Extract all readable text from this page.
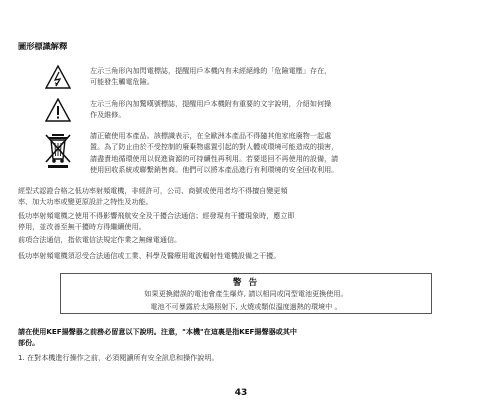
圖形標識解釋
左示三角形內加閃電標誌，提醒用戶本機內有未經絕緣的「危險電壓」存在，
可能發生觸電危險。
左示三角形內加驚嘆號標誌，提醒用戶本機附有重要的文字說明，介紹如何操
作及維修。
請正確使用本產品。該標識表示，在全歐洲本產品不得隨其他家庭廢物一起處
置。為了防止由於不受控制的廢棄物處置引起的對人體或環境可能造成的損害，
請盡責地循環使用以促進資源的可持續性再利用。若要退回不再使用的設備，請
使用回收系統或聯繫銷售商。他們可以將本產品進行有利環境的安全回收利用。
經型式認證合格之低功率射頻電機，非經許可，公司、商號或使用者均不得擅自變更頻
率、加大功率或變更原設計之特性及功能。
低功率射頻電機之使用不得影響飛航安全及干擾合法通信；經發現有干擾現象時，應立即
停用，並改善至無干擾時方得繼續使用。
前項合法通信，指依電信法規定作業之無線電通信。
低功率射頻電機須忍受合法通信或工業、科學及醫療用電波輻射性電機設備之干擾。
警 告
如果更換錯誤的電池會產生爆炸, 請以相同或同型電池更換使用。
電池不可暴露於太陽照射下, 火燒或類似溫度過熱的環境中 。
請在使用KEF揚聲器之前務必留意以下說明。注意，"本機"在這裏是指KEF揚聲器或其中
部份。
1. 在對本機進行操作之前，必須閱讀所有安全訊息和操作說明。
43
